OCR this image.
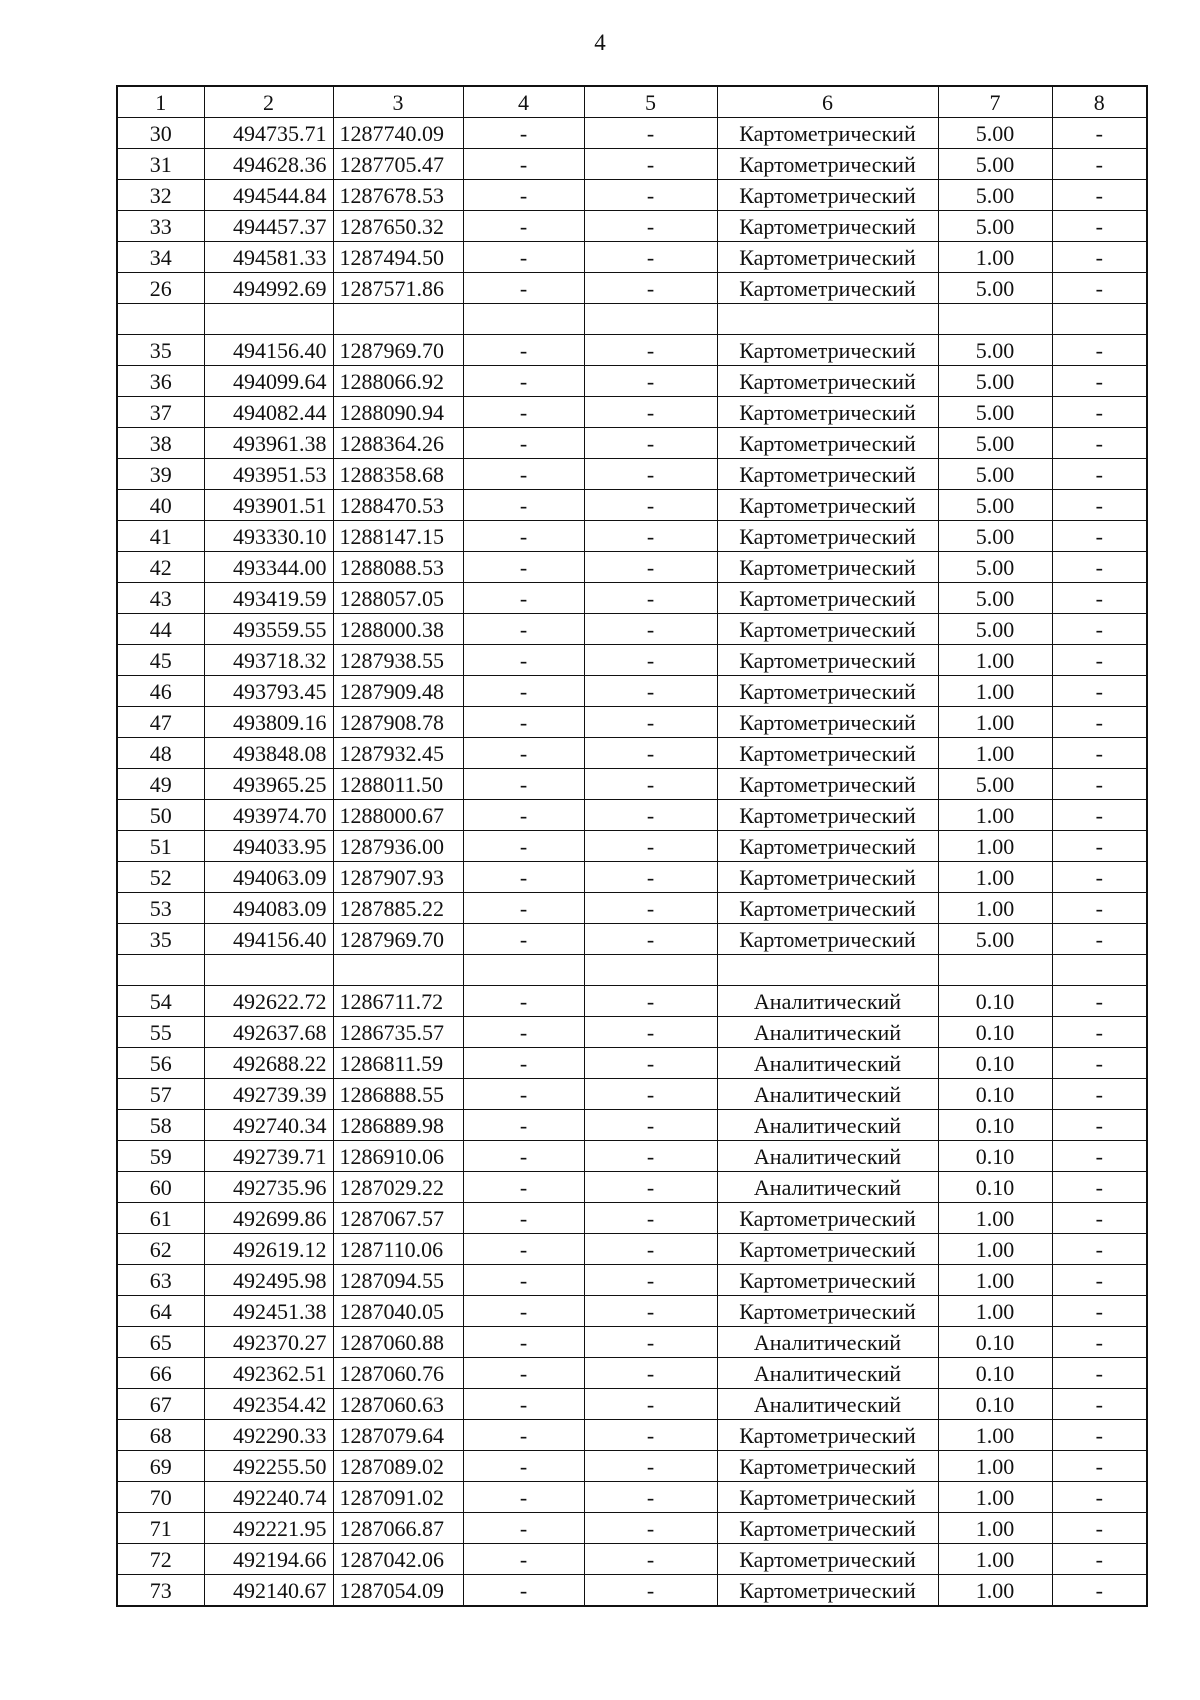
4
1	2	3	4	5	6	7	8
30	494735.71	1287740.09	-	-	Картометрический	5.00	-
31	494628.36	1287705.47	-	-	Картометрический	5.00	-
32	494544.84	1287678.53	-	-	Картометрический	5.00	-
33	494457.37	1287650.32	-	-	Картометрический	5.00	-
34	494581.33	1287494.50	-	-	Картометрический	1.00	-
26	494992.69	1287571.86	-	-	Картометрический	5.00	-

35	494156.40	1287969.70	-	-	Картометрический	5.00	-
36	494099.64	1288066.92	-	-	Картометрический	5.00	-
37	494082.44	1288090.94	-	-	Картометрический	5.00	-
38	493961.38	1288364.26	-	-	Картометрический	5.00	-
39	493951.53	1288358.68	-	-	Картометрический	5.00	-
40	493901.51	1288470.53	-	-	Картометрический	5.00	-
41	493330.10	1288147.15	-	-	Картометрический	5.00	-
42	493344.00	1288088.53	-	-	Картометрический	5.00	-
43	493419.59	1288057.05	-	-	Картометрический	5.00	-
44	493559.55	1288000.38	-	-	Картометрический	5.00	-
45	493718.32	1287938.55	-	-	Картометрический	1.00	-
46	493793.45	1287909.48	-	-	Картометрический	1.00	-
47	493809.16	1287908.78	-	-	Картометрический	1.00	-
48	493848.08	1287932.45	-	-	Картометрический	1.00	-
49	493965.25	1288011.50	-	-	Картометрический	5.00	-
50	493974.70	1288000.67	-	-	Картометрический	1.00	-
51	494033.95	1287936.00	-	-	Картометрический	1.00	-
52	494063.09	1287907.93	-	-	Картометрический	1.00	-
53	494083.09	1287885.22	-	-	Картометрический	1.00	-
35	494156.40	1287969.70	-	-	Картометрический	5.00	-

54	492622.72	1286711.72	-	-	Аналитический	0.10	-
55	492637.68	1286735.57	-	-	Аналитический	0.10	-
56	492688.22	1286811.59	-	-	Аналитический	0.10	-
57	492739.39	1286888.55	-	-	Аналитический	0.10	-
58	492740.34	1286889.98	-	-	Аналитический	0.10	-
59	492739.71	1286910.06	-	-	Аналитический	0.10	-
60	492735.96	1287029.22	-	-	Аналитический	0.10	-
61	492699.86	1287067.57	-	-	Картометрический	1.00	-
62	492619.12	1287110.06	-	-	Картометрический	1.00	-
63	492495.98	1287094.55	-	-	Картометрический	1.00	-
64	492451.38	1287040.05	-	-	Картометрический	1.00	-
65	492370.27	1287060.88	-	-	Аналитический	0.10	-
66	492362.51	1287060.76	-	-	Аналитический	0.10	-
67	492354.42	1287060.63	-	-	Аналитический	0.10	-
68	492290.33	1287079.64	-	-	Картометрический	1.00	-
69	492255.50	1287089.02	-	-	Картометрический	1.00	-
70	492240.74	1287091.02	-	-	Картометрический	1.00	-
71	492221.95	1287066.87	-	-	Картометрический	1.00	-
72	492194.66	1287042.06	-	-	Картометрический	1.00	-
73	492140.67	1287054.09	-	-	Картометрический	1.00	-
